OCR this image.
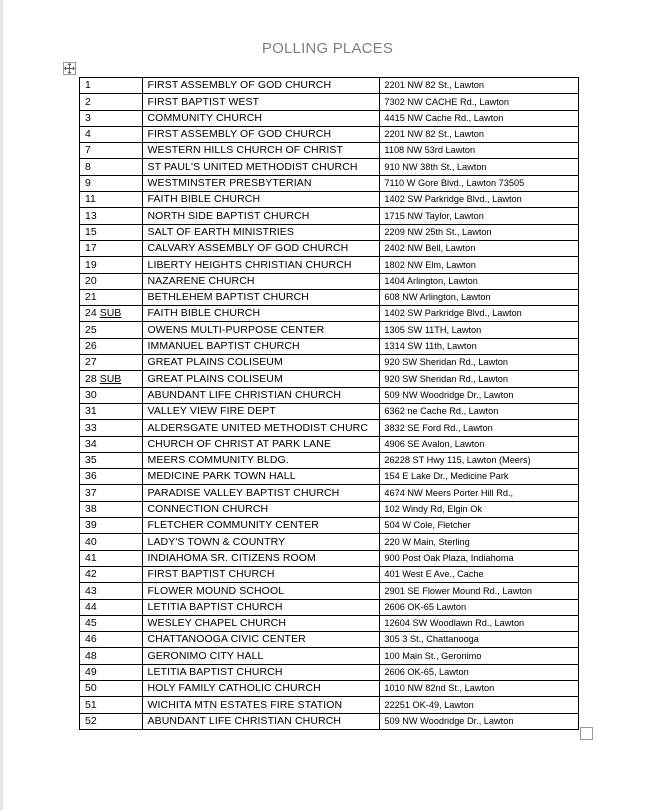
POLLING PLACES
1	FIRST ASSEMBLY OF GOD CHURCH	2201 NW 82 St., Lawton
2	FIRST BAPTIST WEST	7302 NW CACHE Rd., Lawton
3	COMMUNITY CHURCH	4415 NW Cache Rd., Lawton
4	FIRST ASSEMBLY OF GOD CHURCH	2201 NW 82 St., Lawton
7	WESTERN HILLS CHURCH OF CHRIST	1108 NW 53rd Lawton
8	ST PAUL'S UNITED METHODIST CHURCH	910 NW 38th St., Lawton
9	WESTMINSTER PRESBYTERIAN	7110 W Gore Blvd., Lawton 73505
11	FAITH BIBLE CHURCH	1402 SW Parkridge Blvd., Lawton
13	NORTH SIDE BAPTIST CHURCH	1715 NW Taylor, Lawton
15	SALT OF EARTH MINISTRIES	2209 NW 25th St., Lawton
17	CALVARY ASSEMBLY OF GOD CHURCH	2402 NW Bell, Lawton
19	LIBERTY HEIGHTS CHRISTIAN CHURCH	1802 NW Elm, Lawton
20	NAZARENE CHURCH	1404 Arlington, Lawton
21	BETHLEHEM BAPTIST CHURCH	608 NW Arlington, Lawton
24 SUB	FAITH BIBLE CHURCH	1402 SW Parkridge Blvd., Lawton
25	OWENS MULTI-PURPOSE CENTER	1305 SW 11TH, Lawton
26	IMMANUEL BAPTIST CHURCH	1314 SW 11th, Lawton
27	GREAT PLAINS COLISEUM	920 SW Sheridan Rd., Lawton
28 SUB	GREAT PLAINS COLISEUM	920 SW Sheridan Rd., Lawton
30	ABUNDANT LIFE CHRISTIAN CHURCH	509 NW Woodridge Dr., Lawton
31	VALLEY VIEW FIRE DEPT	6362 ne Cache Rd., Lawton
33	ALDERSGATE UNITED METHODIST CHURC	3832 SE Ford Rd., Lawton
34	CHURCH OF CHRIST AT PARK LANE	4906 SE Avalon, Lawton
35	MEERS COMMUNITY BLDG.	26228 ST Hwy 115, Lawton (Meers)
36	MEDICINE PARK TOWN HALL	154 E Lake Dr., Medicine Park
37	PARADISE VALLEY BAPTIST CHURCH	4674 NW Meers Porter Hill Rd.,
38	CONNECTION CHURCH	102 Windy Rd, Elgin Ok
39	FLETCHER COMMUNITY CENTER	504 W Cole, Fletcher
40	LADY'S TOWN & COUNTRY	220 W Main, Sterling
41	INDIAHOMA SR. CITIZENS ROOM	900 Post Oak Plaza, Indiahoma
42	FIRST BAPTIST CHURCH	401 West E Ave., Cache
43	FLOWER MOUND SCHOOL	2901 SE Flower Mound Rd., Lawton
44	LETITIA BAPTIST CHURCH	2606 OK-65 Lawton
45	WESLEY CHAPEL CHURCH	12604 SW Woodlawn Rd., Lawton
46	CHATTANOOGA CIVIC CENTER	305 3 St., Chattanooga
48	GERONIMO CITY HALL	100 Main St., Geronimo
49	LETITIA BAPTIST CHURCH	2606 OK-65, Lawton
50	HOLY FAMILY CATHOLIC CHURCH	1010 NW 82nd St., Lawton
51	WICHITA MTN ESTATES FIRE STATION	22251 OK-49, Lawton
52	ABUNDANT LIFE CHRISTIAN CHURCH	509 NW Woodridge Dr., Lawton
